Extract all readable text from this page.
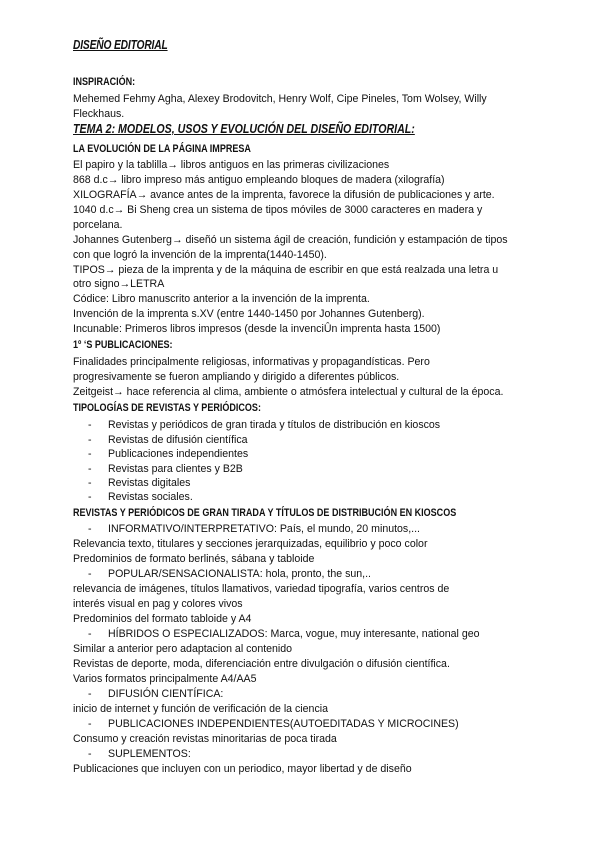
DISEÑO EDITORIAL

INSPIRACIÓN:

Mehemed Fehmy Agha, Alexey Brodovitch, Henry Wolf, Cipe Pineles, Tom Wolsey, Willy

Fleckhaus.

TEMA 2: MODELOS, USOS Y EVOLUCIÓN DEL DISEÑO EDITORIAL:

LA EVOLUCIÓN DE LA PÁGINA IMPRESA

El papiro y la tablilla→ libros antiguos en las primeras civilizaciones

868 d.c→ libro impreso más antiguo empleando bloques de madera (xilografía)

XILOGRAFÍA→ avance antes de la imprenta, favorece la difusión de publicaciones y arte.

1040 d.c→ Bi Sheng crea un sistema de tipos móviles de 3000 caracteres en madera y

porcelana.

Johannes Gutenberg→ diseñó un sistema ágil de creación, fundición y estampación de tipos

con que logró la invención de la imprenta(1440-1450).

TIPOS→ pieza de la imprenta y de la máquina de escribir en que está realzada una letra u

otro signo→LETRA

Códice: Libro manuscrito anterior a la invención de la imprenta.

Invención de la imprenta s.XV (entre 1440-1450 por Johannes Gutenberg).

Incunable: Primeros libros impresos (desde la invenciÛn imprenta hasta 1500)

1º ‘S PUBLICACIONES:

Finalidades principalmente religiosas, informativas y propagandísticas. Pero

progresivamente se fueron ampliando y dirigido a diferentes públicos.

Zeitgeist→ hace referencia al clima, ambiente o atmósfera intelectual y cultural de la época.

TIPOLOGÍAS DE REVISTAS Y PERIÓDICOS:

- Revistas y periódicos de gran tirada y títulos de distribución en kioscos
- Revistas de difusión científica
- Publicaciones independientes
- Revistas para clientes y B2B
- Revistas digitales
- Revistas sociales.

REVISTAS Y PERIÓDICOS DE GRAN TIRADA Y TÍTULOS DE DISTRIBUCIÓN EN KIOSCOS

- INFORMATIVO/INTERPRETATIVO: País, el mundo, 20 minutos,...

Relevancia texto, titulares y secciones jerarquizadas, equilibrio y poco color

Predominios de formato berlinés, sábana y tabloide

- POPULAR/SENSACIONALISTA: hola, pronto, the sun,..

relevancia de imágenes, títulos llamativos, variedad tipografía, varios centros de

interés visual en pag y colores vivos

Predominios del formato tabloide y A4

- HÍBRIDOS O ESPECIALIZADOS: Marca, vogue, muy interesante, national geo

Similar a anterior pero adaptacion al contenido

Revistas de deporte, moda, diferenciación entre divulgación o difusión científica.

Varios formatos principalmente A4/AA5

- DIFUSIÓN CIENTÍFICA:

inicio de internet y función de verificación de la ciencia

- PUBLICACIONES INDEPENDIENTES(AUTOEDITADAS Y MICROCINES)

Consumo y creación revistas minoritarias de poca tirada

- SUPLEMENTOS:

Publicaciones que incluyen con un periodico, mayor libertad y de diseño
